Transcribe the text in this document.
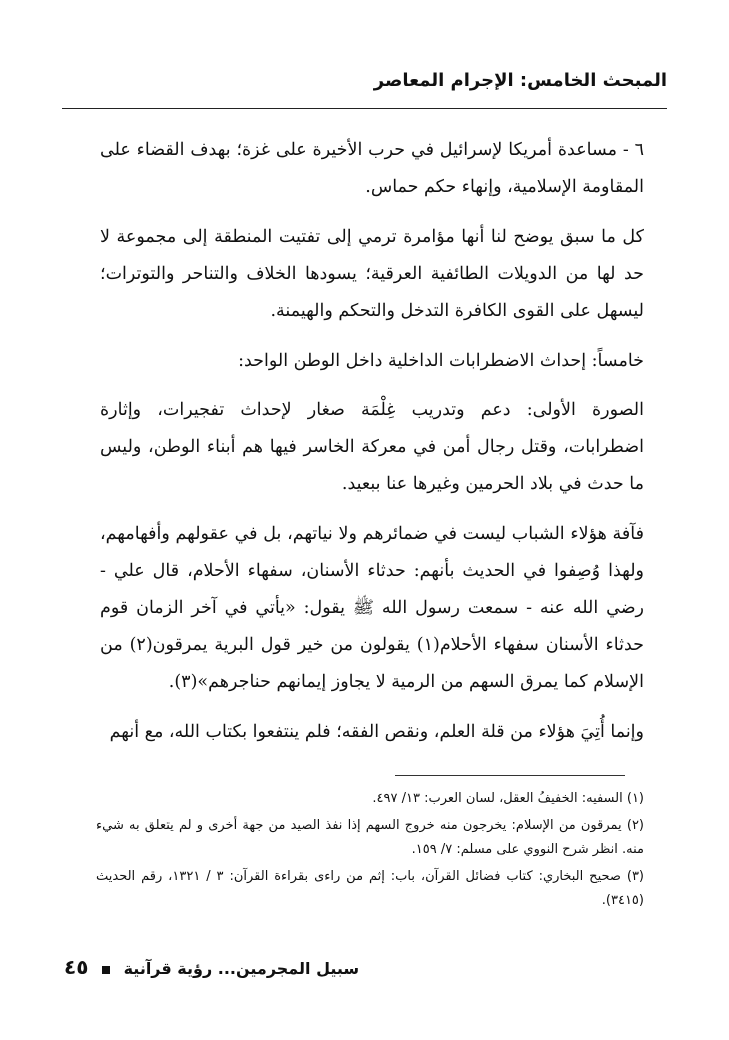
المبحث الخامس: الإجرام المعاصر

٦ - مساعدة أمريكا لإسرائيل في حرب الأخيرة على غزة؛ بهدف القضاء على المقاومة الإسلامية، وإنهاء حكم حماس.

كل ما سبق يوضح لنا أنها مؤامرة ترمي إلى تفتيت المنطقة إلى مجموعة لا حد لها من الدويلات الطائفية العرقية؛ يسودها الخلاف والتناحر والتوترات؛ ليسهل على القوى الكافرة التدخل والتحكم والهيمنة.

خامساً: إحداث الاضطرابات الداخلية داخل الوطن الواحد:

الصورة الأولى: دعم وتدريب غِلْمَة صغار لإحداث تفجيرات، وإثارة اضطرابات، وقتل رجال أمن في معركة الخاسر فيها هم أبناء الوطن، وليس ما حدث في بلاد الحرمين وغيرها عنا ببعيد.

فآفة هؤلاء الشباب ليست في ضمائرهم ولا نياتهم، بل في عقولهم وأفهامهم، ولهذا وُصِفوا في الحديث بأنهم: حدثاء الأسنان، سفهاء الأحلام، قال علي - رضي الله عنه - سمعت رسول الله ﷺ يقول: «يأتي في آخر الزمان قوم حدثاء الأسنان سفهاء الأحلام(١) يقولون من خير قول البرية يمرقون(٢) من الإسلام كما يمرق السهم من الرمية لا يجاوز إيمانهم حناجرهم»(٣).

وإنما أُتِيَ هؤلاء من قلة العلم، ونقص الفقه؛ فلم ينتفعوا بكتاب الله، مع أنهم

(١) السفيه: الخفيفُ العقل، لسان العرب: ١٣/ ٤٩٧.

(٢) يمرقون من الإسلام: يخرجون منه خروج السهم إذا نفذ الصيد من جهة أخرى و لم يتعلق به شيء منه. انظر شرح النووي على مسلم: ٧/ ١٥٩.

(٣) صحيح البخاري: كتاب فضائل القرآن، باب: إثم من راءى بقراءة القرآن: ٣ / ١٣٢١، رقم الحديث (٣٤١٥).

سبيل المجرمين... رؤية قرآنية  ٤٥
